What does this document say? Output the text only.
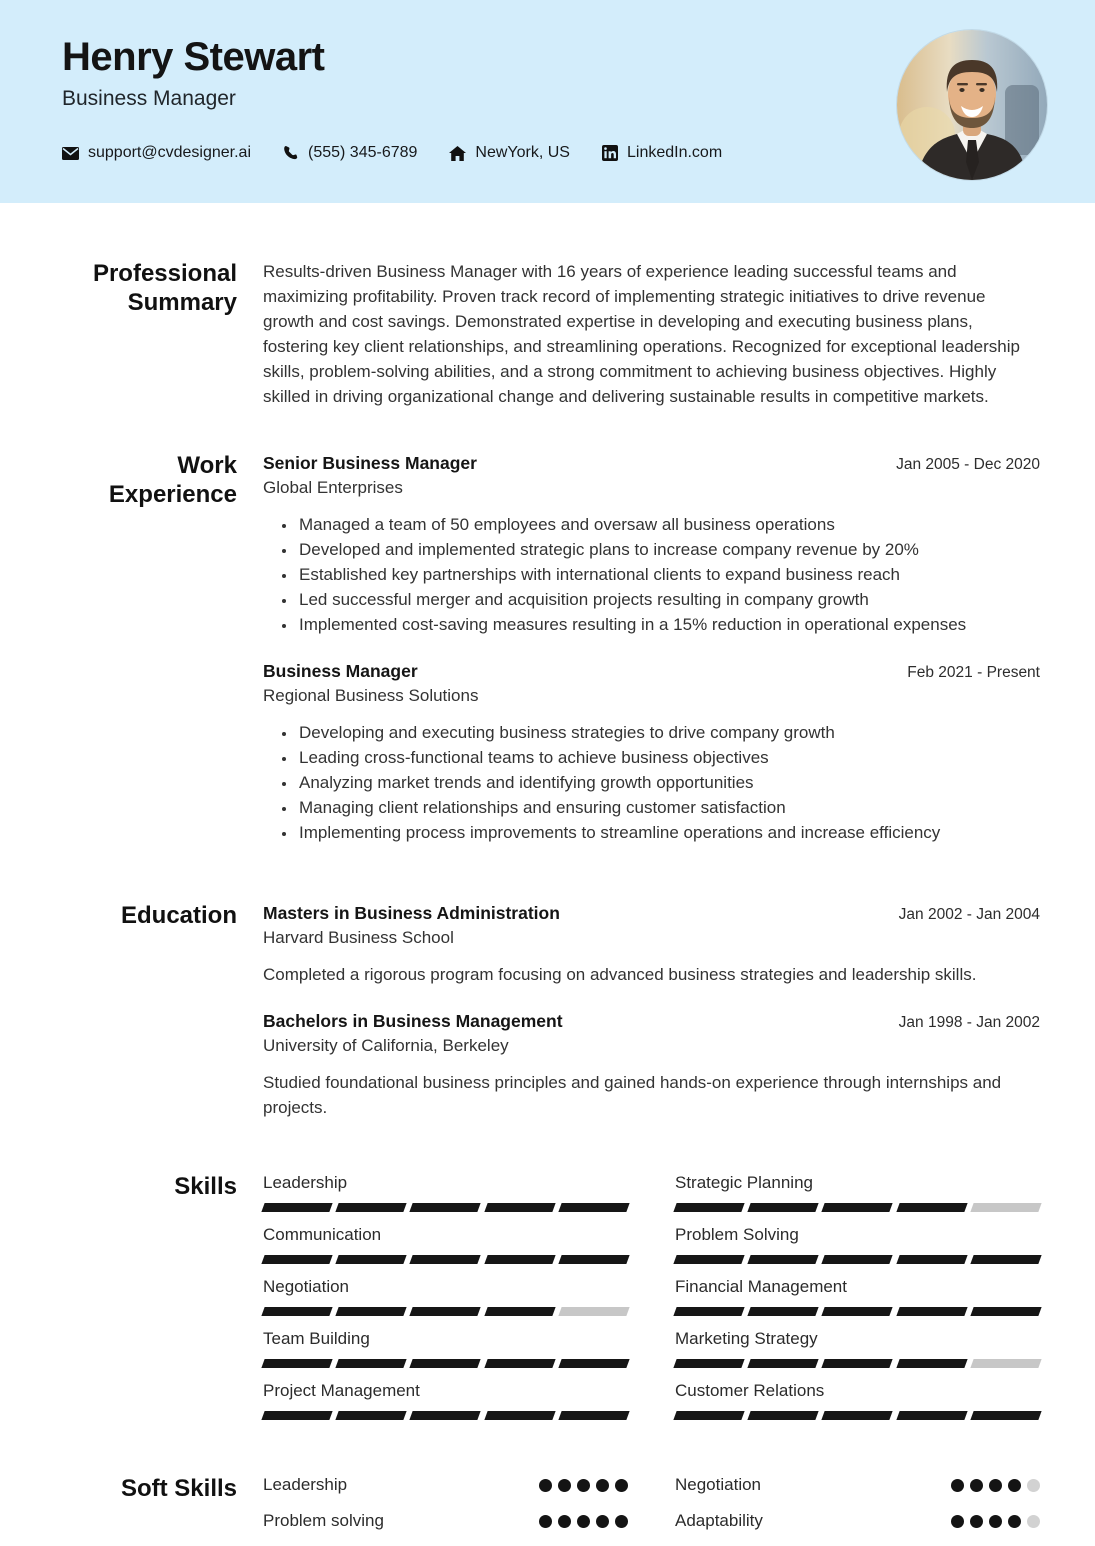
Henry Stewart
Business Manager
support@cvdesigner.ai	(555) 345-6789	NewYork, US	LinkedIn.com
Professional Summary
Results-driven Business Manager with 16 years of experience leading successful teams and maximizing profitability. Proven track record of implementing strategic initiatives to drive revenue growth and cost savings. Demonstrated expertise in developing and executing business plans, fostering key client relationships, and streamlining operations. Recognized for exceptional leadership skills, problem-solving abilities, and a strong commitment to achieving business objectives. Highly skilled in driving organizational change and delivering sustainable results in competitive markets.
Work Experience
Senior Business Manager	Jan 2005 - Dec 2020
Global Enterprises
• Managed a team of 50 employees and oversaw all business operations
• Developed and implemented strategic plans to increase company revenue by 20%
• Established key partnerships with international clients to expand business reach
• Led successful merger and acquisition projects resulting in company growth
• Implemented cost-saving measures resulting in a 15% reduction in operational expenses
Business Manager	Feb 2021 - Present
Regional Business Solutions
• Developing and executing business strategies to drive company growth
• Leading cross-functional teams to achieve business objectives
• Analyzing market trends and identifying growth opportunities
• Managing client relationships and ensuring customer satisfaction
• Implementing process improvements to streamline operations and increase efficiency
Education Masters in Business Administration	Jan 2002 - Jan 2004
Harvard Business School
Completed a rigorous program focusing on advanced business strategies and leadership skills.
Bachelors in Business Management	Jan 1998 - Jan 2002
University of California, Berkeley
Studied foundational business principles and gained hands-on experience through internships and projects.
Skills Leadership	Strategic Planning
Communication	Problem Solving
Negotiation	Financial Management
Team Building	Marketing Strategy
Project Management	Customer Relations
Soft Skills Leadership	Negotiation
Problem solving	Adaptability
